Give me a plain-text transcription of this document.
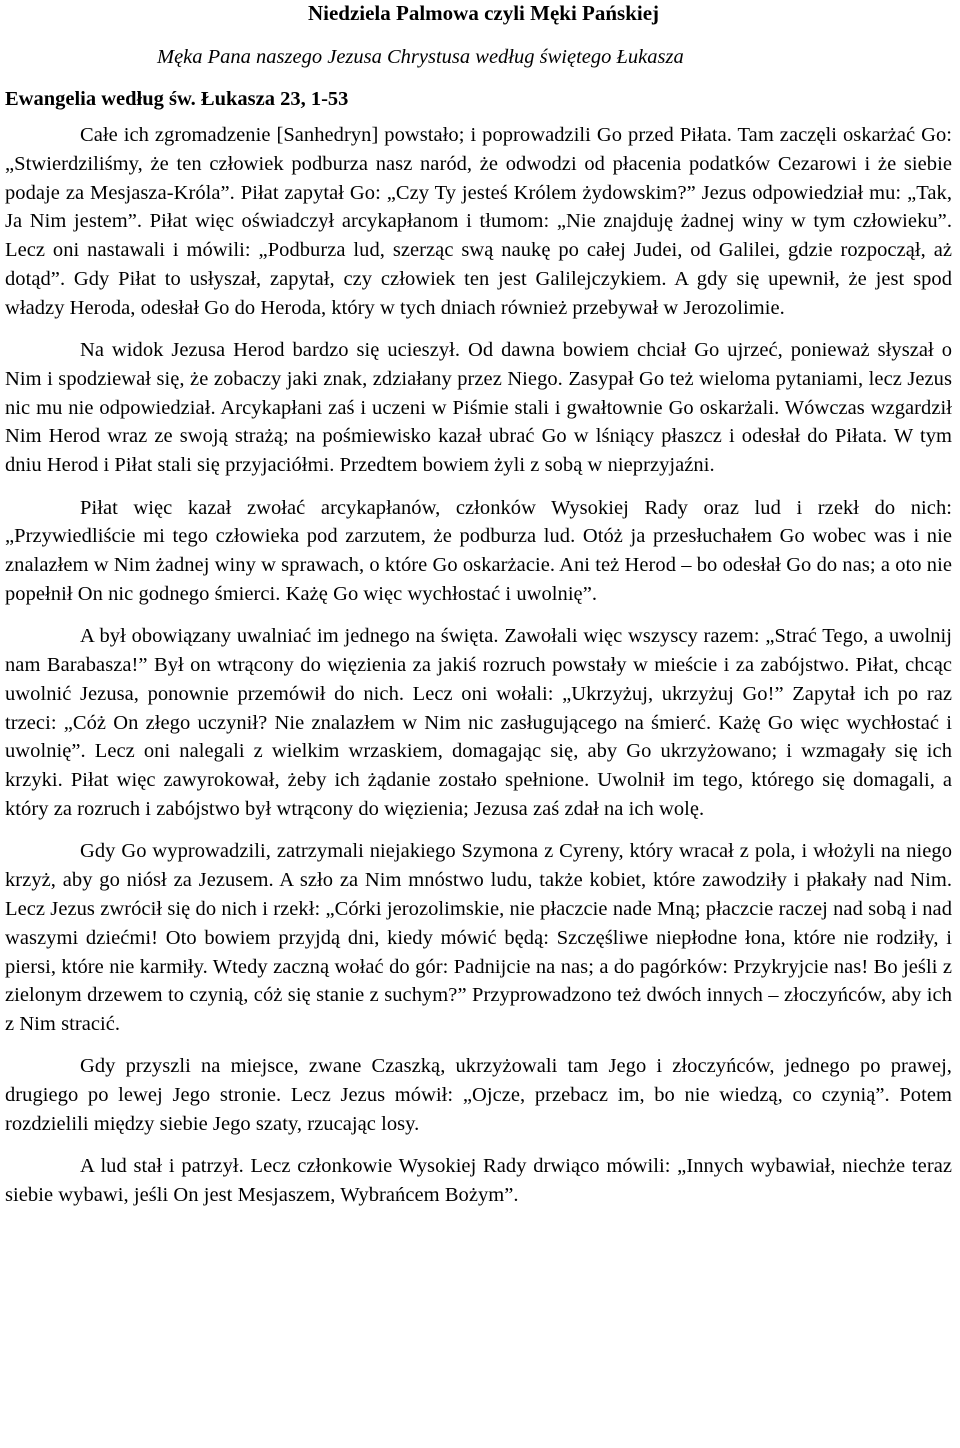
Niedziela Palmowa czyli Męki Pańskiej

Męka Pana naszego Jezusa Chrystusa według świętego Łukasza

Ewangelia według św. Łukasza 23, 1-53

Całe ich zgromadzenie [Sanhedryn] powstało; i poprowadzili Go przed Piłata. Tam zaczęli oskarżać Go: „Stwierdziliśmy, że ten człowiek podburza nasz naród, że odwodzi od płacenia podatków Cezarowi i że siebie podaje za Mesjasza-Króla”. Piłat zapytał Go: „Czy Ty jesteś Królem żydowskim?” Jezus odpowiedział mu: „Tak, Ja Nim jestem”. Piłat więc oświadczył arcykapłanom i tłumom: „Nie znajduję żadnej winy w tym człowieku”. Lecz oni nastawali i mówili: „Podburza lud, szerząc swą naukę po całej Judei, od Galilei, gdzie rozpoczął, aż dotąd”. Gdy Piłat to usłyszał, zapytał, czy człowiek ten jest Galilejczykiem. A gdy się upewnił, że jest spod władzy Heroda, odesłał Go do Heroda, który w tych dniach również przebywał w Jerozolimie.

Na widok Jezusa Herod bardzo się ucieszył. Od dawna bowiem chciał Go ujrzeć, ponieważ słyszał o Nim i spodziewał się, że zobaczy jaki znak, zdziałany przez Niego. Zasypał Go też wieloma pytaniami, lecz Jezus nic mu nie odpowiedział. Arcykapłani zaś i uczeni w Piśmie stali i gwałtownie Go oskarżali. Wówczas wzgardził Nim Herod wraz ze swoją strażą; na pośmiewisko kazał ubrać Go w lśniący płaszcz i odesłał do Piłata. W tym dniu Herod i Piłat stali się przyjaciółmi. Przedtem bowiem żyli z sobą w nieprzyjaźni.

Piłat więc kazał zwołać arcykapłanów, członków Wysokiej Rady oraz lud i rzekł do nich: „Przywiedliście mi tego człowieka pod zarzutem, że podburza lud. Otóż ja przesłuchałem Go wobec was i nie znalazłem w Nim żadnej winy w sprawach, o które Go oskarżacie. Ani też Herod – bo odesłał Go do nas; a oto nie popełnił On nic godnego śmierci. Każę Go więc wychłostać i uwolnię”.

A był obowiązany uwalniać im jednego na święta. Zawołali więc wszyscy razem: „Strać Tego, a uwolnij nam Barabasza!” Był on wtrącony do więzienia za jakiś rozruch powstały w mieście i za zabójstwo. Piłat, chcąc uwolnić Jezusa, ponownie przemówił do nich. Lecz oni wołali: „Ukrzyżuj, ukrzyżuj Go!” Zapytał ich po raz trzeci: „Cóż On złego uczynił? Nie znalazłem w Nim nic zasługującego na śmierć. Każę Go więc wychłostać i uwolnię”. Lecz oni nalegali z wielkim wrzaskiem, domagając się, aby Go ukrzyżowano; i wzmagały się ich krzyki. Piłat więc zawyrokował, żeby ich żądanie zostało spełnione. Uwolnił im tego, którego się domagali, a który za rozruch i zabójstwo był wtrącony do więzienia; Jezusa zaś zdał na ich wolę.

Gdy Go wyprowadzili, zatrzymali niejakiego Szymona z Cyreny, który wracał z pola, i włożyli na niego krzyż, aby go niósł za Jezusem. A szło za Nim mnóstwo ludu, także kobiet, które zawodziły i płakały nad Nim. Lecz Jezus zwrócił się do nich i rzekł: „Córki jerozolimskie, nie płaczcie nade Mną; płaczcie raczej nad sobą i nad waszymi dziećmi! Oto bowiem przyjdą dni, kiedy mówić będą: Szczęśliwe niepłodne łona, które nie rodziły, i piersi, które nie karmiły. Wtedy zaczną wołać do gór: Padnijcie na nas; a do pagórków: Przykryjcie nas! Bo jeśli z zielonym drzewem to czynią, cóż się stanie z suchym?” Przyprowadzono też dwóch innych – złoczyńców, aby ich z Nim stracić.

Gdy przyszli na miejsce, zwane Czaszką, ukrzyżowali tam Jego i złoczyńców, jednego po prawej, drugiego po lewej Jego stronie. Lecz Jezus mówił: „Ojcze, przebacz im, bo nie wiedzą, co czynią”. Potem rozdzielili między siebie Jego szaty, rzucając losy.

A lud stał i patrzył. Lecz członkowie Wysokiej Rady drwiąco mówili: „Innych wybawiał, niechże teraz siebie wybawi, jeśli On jest Mesjaszem, Wybrańcem Bożym”.
